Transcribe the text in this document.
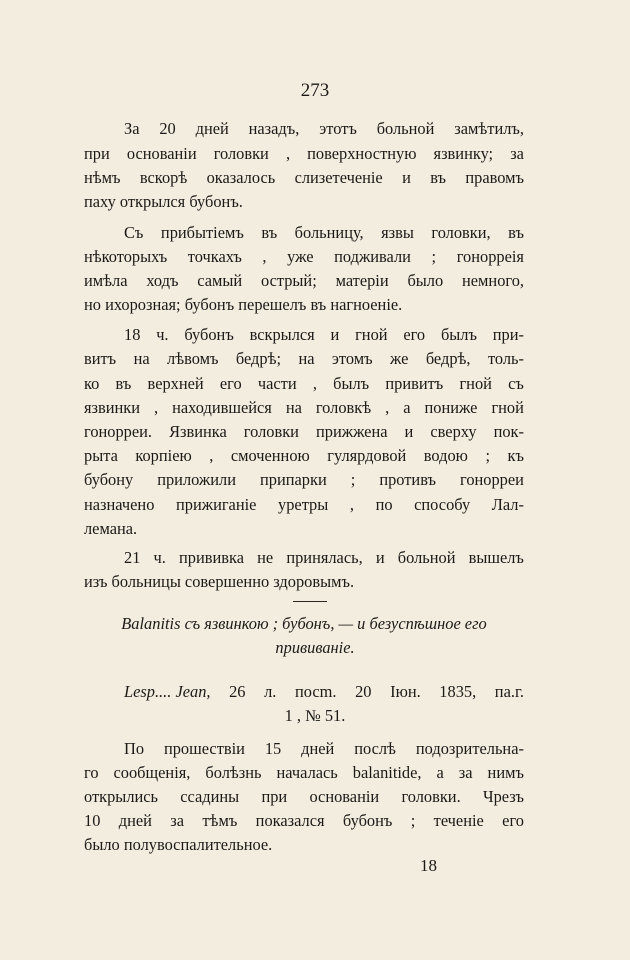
273
За 20 дней назадъ, этотъ больной замѣтилъ,
при основаніи головки , поверхностную язвинку; за
нѣмъ вскорѣ оказалось слизетеченіе и въ правомъ
паху открылся бубонъ.
Съ прибытіемъ въ больницу, язвы головки, въ
нѣкоторыхъ точкахъ , уже подживали ; гонорреія
имѣла ходъ самый острый; матеріи было немного,
но ихорозная; бубонъ перешелъ въ нагноеніе.
18 ч. бубонъ вскрылся и гной его былъ при-
витъ на лѣвомъ бедрѣ; на этомъ же бедрѣ, толь-
ко въ верхней его части , былъ привитъ гной съ
язвинки , находившейся на головкѣ , а пониже гной
гонорреи. Язвинка головки прижжена и сверху пок-
рыта корпіею , смоченною гулярдовой водою ; къ
бубону приложили припарки ; противъ гонорреи
назначено прижиганіе уретры , по способу Лал-
лемана.
21 ч. прививка не принялась, и больной вышелъ
изъ больницы совершенно здоровымъ.
Balanitis съ язвинкою ; бубонъ, — и безуспѣшное его
прививаніе.
Lesp.... Jean, 26 л. посm. 20 Iюн. 1835, па.г.
1 , № 51.
По прошествіи 15 дней послѣ подозрительна-
го сообщенія, болѣзнь началась balanitide, а за нимъ
открылись ссадины при основаніи головки. Чрезъ
10 дней за тѣмъ показался бубонъ ; теченіе его
было полувоспалительное.
18
